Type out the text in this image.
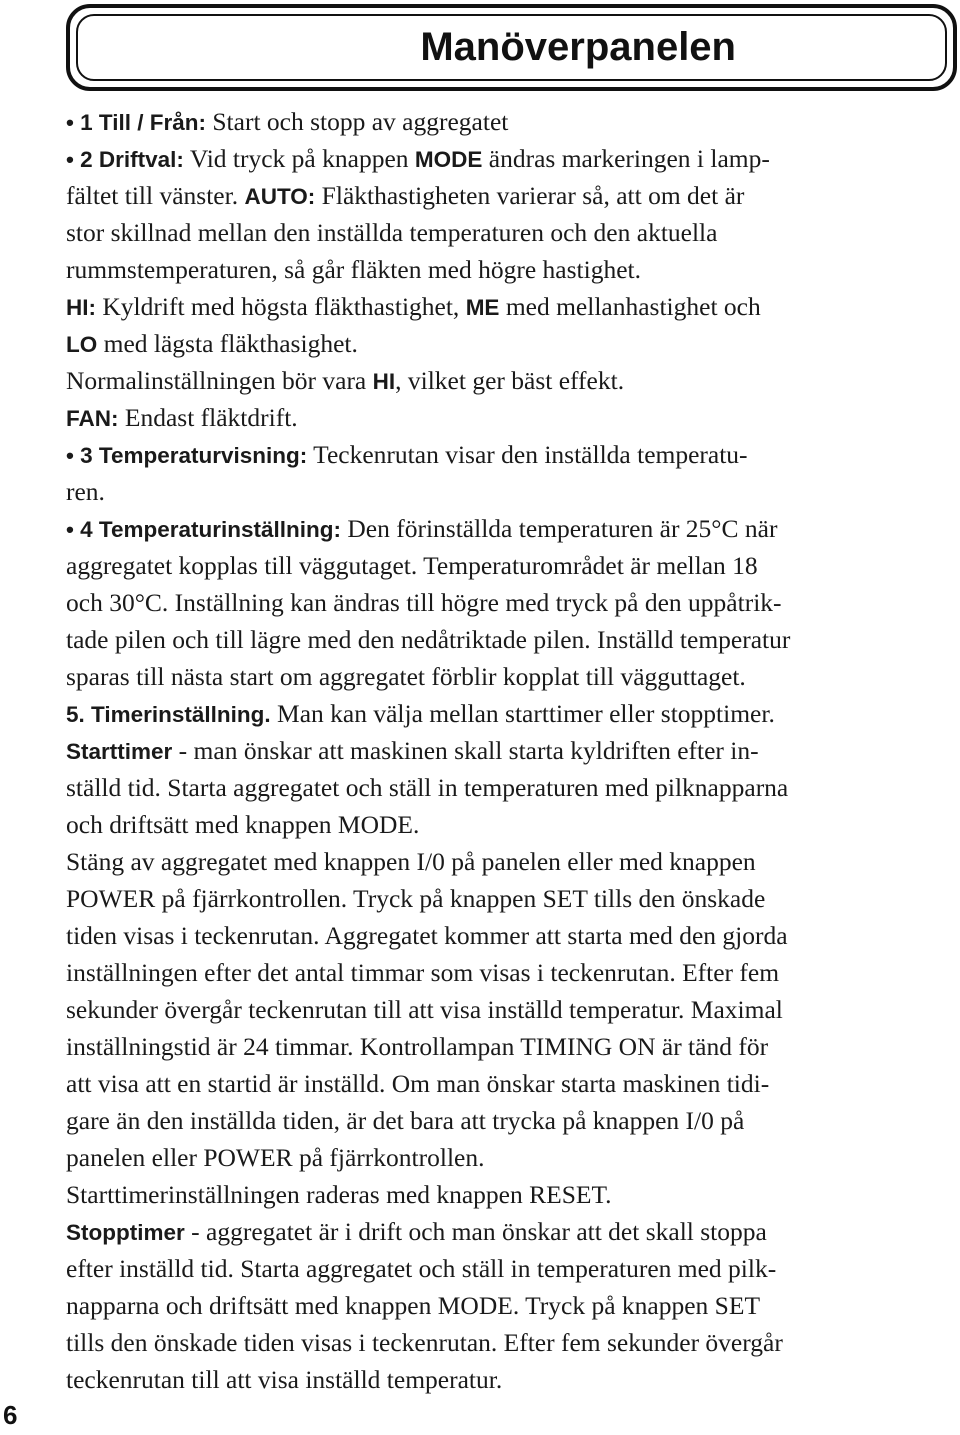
Manöverpanelen
• 1 Till / Från: Start och stopp av aggregatet
• 2 Driftval: Vid tryck på knappen MODE ändras markeringen i lamp-
fältet till vänster. AUTO: Fläkthastigheten varierar så, att om det är
stor skillnad mellan den inställda temperaturen och den aktuella
rummstemperaturen, så går fläkten med högre hastighet.
HI: Kyldrift med högsta fläkthastighet, ME med mellanhastighet och
LO med lägsta fläkthasighet.
Normalinställningen bör vara HI, vilket ger bäst effekt.
FAN: Endast fläktdrift.
• 3 Temperaturvisning: Teckenrutan visar den inställda temperatu-
ren.
• 4 Temperaturinställning: Den förinställda temperaturen är 25°C när
aggregatet kopplas till väggutaget. Temperaturområdet är mellan 18
och 30°C. Inställning kan ändras till högre med tryck på den uppåtrik-
tade pilen och till lägre med den nedåtriktade pilen. Inställd temperatur
sparas till nästa start om aggregatet förblir kopplat till vägguttaget.
5. Timerinställning. Man kan välja mellan starttimer eller stopptimer.
Starttimer - man önskar att maskinen skall starta kyldriften efter in-
ställd tid. Starta aggregatet och ställ in temperaturen med pilknapparna
och driftsätt med knappen MODE.
Stäng av aggregatet med knappen I/0 på panelen eller med knappen
POWER på fjärrkontrollen. Tryck på knappen SET tills den önskade
tiden visas i teckenrutan. Aggregatet kommer att starta med den gjorda
inställningen efter det antal timmar som visas i teckenrutan. Efter fem
sekunder övergår teckenrutan till att visa inställd temperatur. Maximal
inställningstid är 24 timmar. Kontrollampan TIMING ON är tänd för
att visa att en startid är inställd. Om man önskar starta maskinen tidi-
gare än den inställda tiden, är det bara att trycka på knappen I/0 på
panelen eller POWER på fjärrkontrollen.
Starttimerinställningen raderas med knappen RESET.
Stopptimer - aggregatet är i drift och man önskar att det skall stoppa
efter inställd tid. Starta aggregatet och ställ in temperaturen med pilk-
napparna och driftsätt med knappen MODE. Tryck på knappen SET
tills den önskade tiden visas i teckenrutan. Efter fem sekunder övergår
teckenrutan till att visa inställd temperatur.
6
